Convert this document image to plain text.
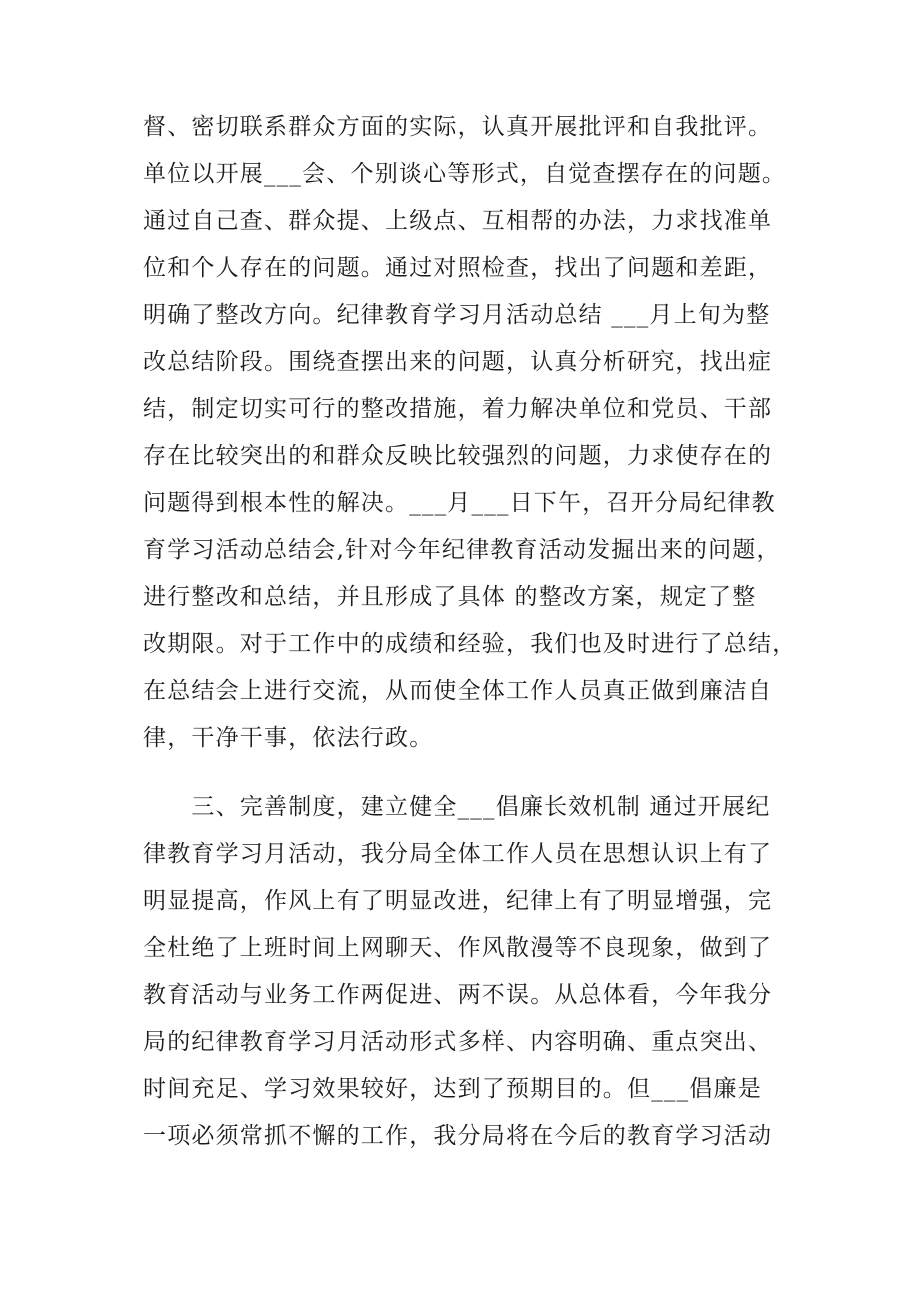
督、密切联系群众方面的实际，认真开展批评和自我批评。
单位以开展___会、个别谈心等形式，自觉查摆存在的问题。
通过自己查、群众提、上级点、互相帮的办法，力求找准单
位和个人存在的问题。通过对照检查，找出了问题和差距，
明确了整改方向。纪律教育学习月活动总结 ___月上旬为整
改总结阶段。围绕查摆出来的问题，认真分析研究，找出症
结，制定切实可行的整改措施，着力解决单位和党员、干部
存在比较突出的和群众反映比较强烈的问题，力求使存在的
问题得到根本性的解决。___月___日下午，召开分局纪律教
育学习活动总结会,针对今年纪律教育活动发掘出来的问题，
进行整改和总结，并且形成了具体 的整改方案，规定了整
改期限。对于工作中的成绩和经验，我们也及时进行了总结，
在总结会上进行交流，从而使全体工作人员真正做到廉洁自
律，干净干事，依法行政。
　　三、完善制度，建立健全___倡廉长效机制 通过开展纪
律教育学习月活动，我分局全体工作人员在思想认识上有了
明显提高，作风上有了明显改进，纪律上有了明显增强，完
全杜绝了上班时间上网聊天、作风散漫等不良现象，做到了
教育活动与业务工作两促进、两不误。从总体看，今年我分
局的纪律教育学习月活动形式多样、内容明确、重点突出、
时间充足、学习效果较好，达到了预期目的。但___倡廉是
一项必须常抓不懈的工作，我分局将在今后的教育学习活动
